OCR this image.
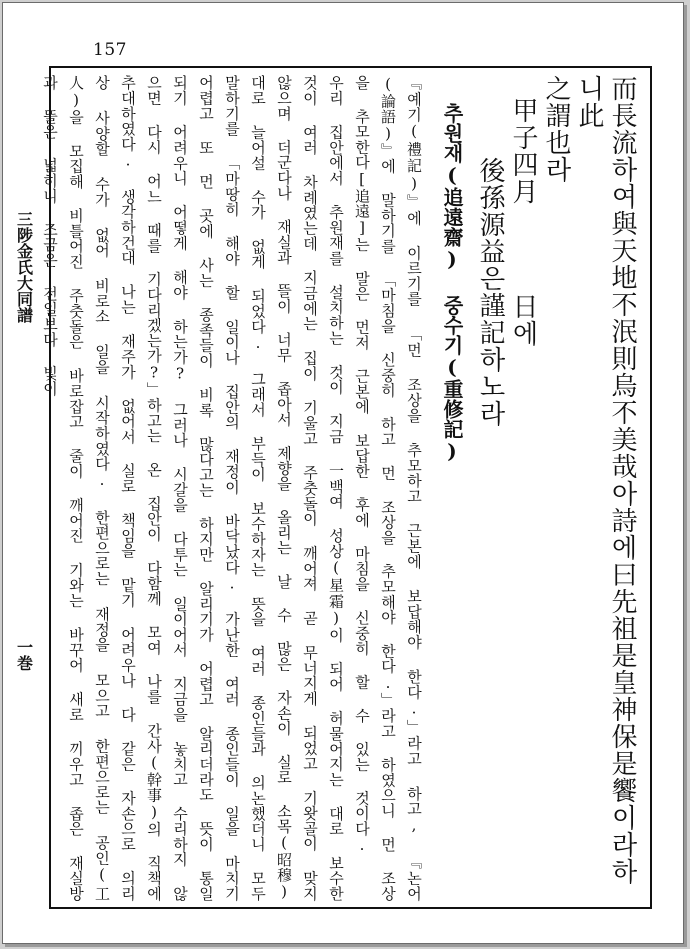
157
三陟金氏大同譜
一巻	而長流하여與天地不泯則烏不美哉아詩에曰先祖是皇神保是饗이라하니此
之謂也라
甲子四月日에
後孫源益은謹記하노라
추원재(追遠齋) 중수기(重修記)
『예기(禮記)』에 이르기를 「먼 조상을 추모하고 근본에 보답해야 한다.」라고 하고, 『논어(論語)』에 말하기를 「마침을 신중히 하고 먼 조상을 추모해야 한다.」라고 하였으니 먼 조상을 추모한다[追遠]는 말은 먼저 근본에 보답한 후에 마침을 신중히 할 수 있는 것이다.
우리 집안에서 추원재를 설치하는 것이 지금 一백여 성상(星霜)이 되어 허물어지는 대로 보수한 것이 여러 차례였는데 지금에는 집이 기울고 주춧돌이 깨어져 곧 무너지게 되었고 기왓골이 맞지 않으며 더군다나 재실과 뜰이 너무 좁아서 제향을 올리는 날 수 많은 자손이 실로 소목(昭穆)대로 늘어설 수가 없게 되었다. 그래서 부득이 보수하자는 뜻을 여러 종인들과 의논했더니 모두 말하기를 「마땅히 해야 할 일이나 집안의 재정이 바닥났다. 가난한 여러 종인들이 일을 마치기 어렵고 또 먼 곳에 사는 종족들이 비록 많다고는 하지만 알리기가 어렵고 알리더라도 뜻이 통일되기 어려우니 어떻게 해야 하는가? 그러나 시갈을 다투는 일이어서 지금을 놓치고 수리하지 않으면 다시 어느 때를 기다리겠는가?」하고는 온 집안이 다함께 모여 나를 간사(幹事)의 직책에 추대하였다. 생각하건대 나는 재주가 없어서 실로 책임을 맡기 어려우나 다 같은 자손으로 의리상 사양할 수가 없어 비로소 일을 시작하였다. 한편으로는 재정을 모으고 한편으로는 공인(工人)을 모집해 비틀어진 주춧돌은 바로잡고 줄이 깨어진 기와는 바꾸어 새로 끼우고 좁은 재실방과 뜰은 넓히니 조금은 전일보다 빛이
